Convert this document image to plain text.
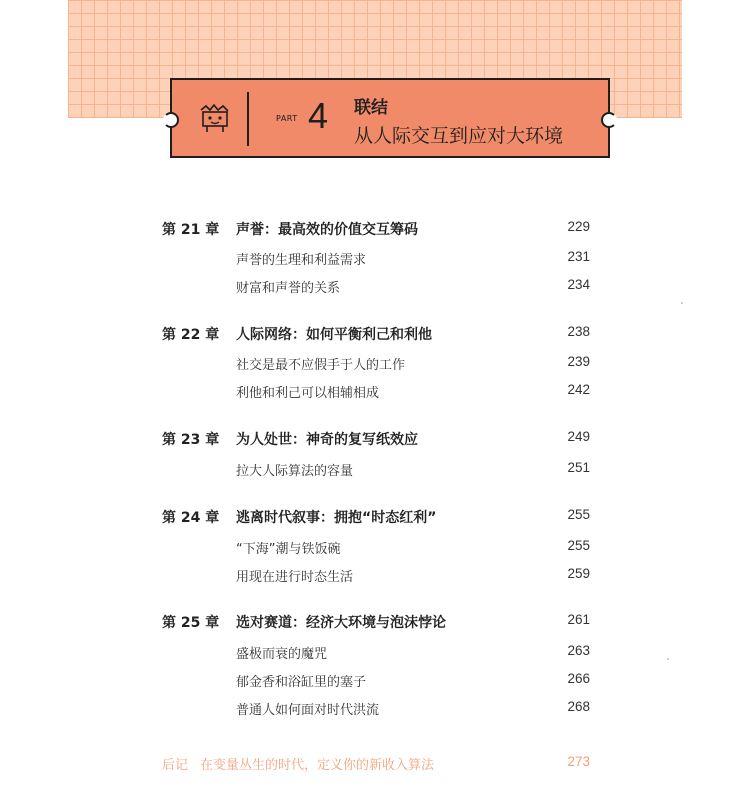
PART 4 联结
从人际交互到应对大环境
第 21 章 声誉：最高效的价值交互筹码	229
声誉的生理和利益需求	231
财富和声誉的关系	234
第 22 章 人际网络：如何平衡利己和利他	238
社交是最不应假手于人的工作	239
利他和利己可以相辅相成	242
第 23 章 为人处世：神奇的复写纸效应	249
拉大人际算法的容量	251
第 24 章 逃离时代叙事：拥抱“时态红利”	255
“下海”潮与铁饭碗	255
用现在进行时态生活	259
第 25 章 选对赛道：经济大环境与泡沫悖论	261
盛极而衰的魔咒	263
郁金香和浴缸里的塞子	266
普通人如何面对时代洪流	268
后记 在变量丛生的时代，定义你的新收入算法	273
